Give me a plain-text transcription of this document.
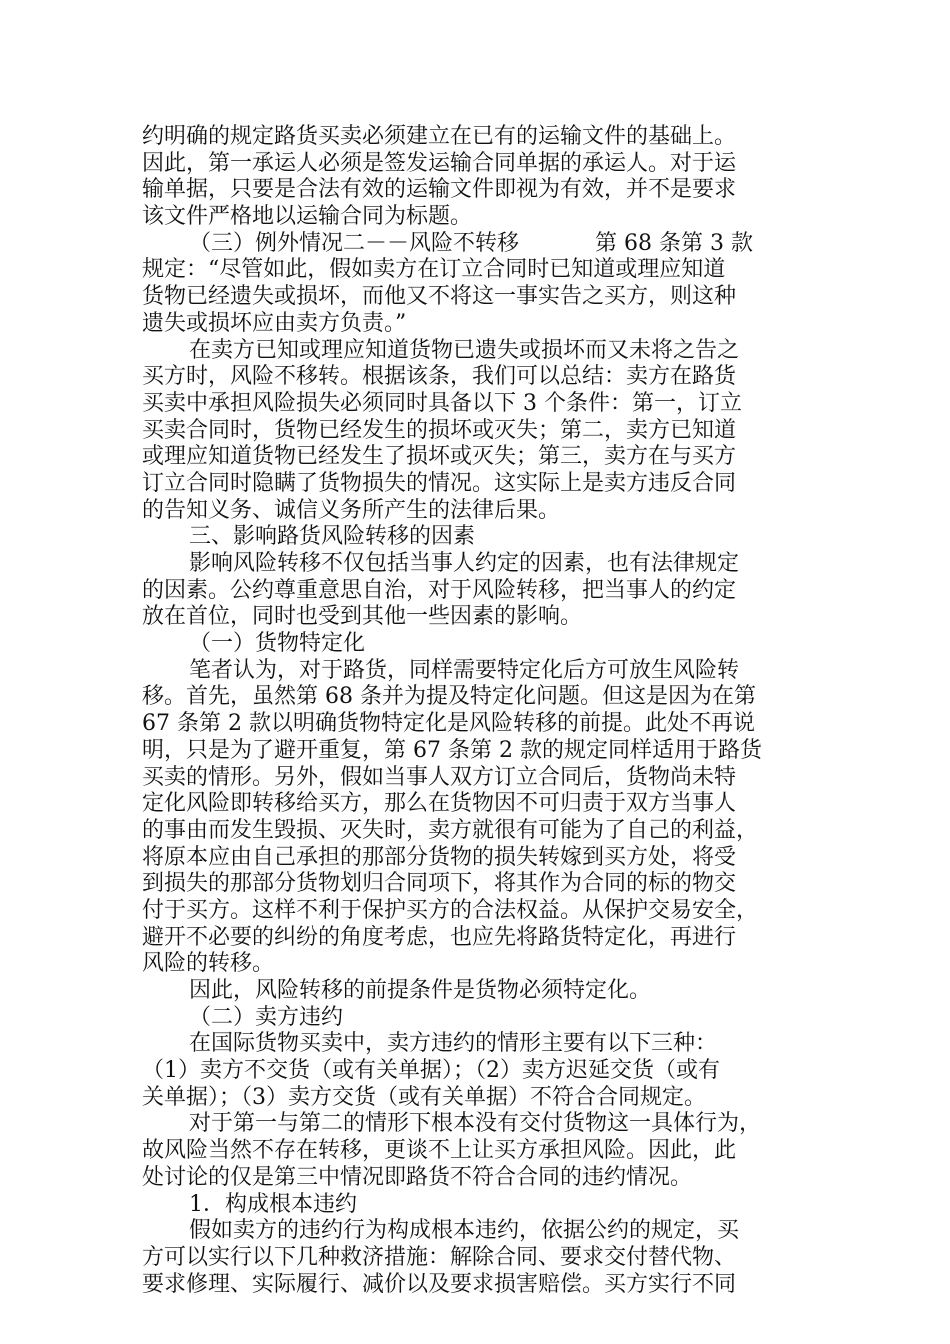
约明确的规定路货买卖必须建立在已有的运输文件的基础上。
因此，第一承运人必须是签发运输合同单据的承运人。对于运
输单据，只要是合法有效的运输文件即视为有效，并不是要求
该文件严格地以运输合同为标题。
（三）例外情况二－－风险不转移	第 68 条第 3 款
规定：“尽管如此，假如卖方在订立合同时已知道或理应知道
货物已经遗失或损坏，而他又不将这一事实告之买方，则这种
遗失或损坏应由卖方负责。”
在卖方已知或理应知道货物已遗失或损坏而又未将之告之
买方时，风险不移转。根据该条，我们可以总结：卖方在路货
买卖中承担风险损失必须同时具备以下 3 个条件：第一，订立
买卖合同时，货物已经发生的损坏或灭失；第二，卖方已知道
或理应知道货物已经发生了损坏或灭失；第三，卖方在与买方
订立合同时隐瞒了货物损失的情况。这实际上是卖方违反合同
的告知义务、诚信义务所产生的法律后果。
三、影响路货风险转移的因素
影响风险转移不仅包括当事人约定的因素，也有法律规定
的因素。公约尊重意思自治，对于风险转移，把当事人的约定
放在首位，同时也受到其他一些因素的影响。
（一）货物特定化
笔者认为，对于路货，同样需要特定化后方可放生风险转
移。首先，虽然第 68 条并为提及特定化问题。但这是因为在第
67 条第 2 款以明确货物特定化是风险转移的前提。此处不再说
明，只是为了避开重复，第 67 条第 2 款的规定同样适用于路货
买卖的情形。另外，假如当事人双方订立合同后，货物尚未特
定化风险即转移给买方，那么在货物因不可归责于双方当事人
的事由而发生毁损、灭失时，卖方就很有可能为了自己的利益，
将原本应由自己承担的那部分货物的损失转嫁到买方处，将受
到损失的那部分货物划归合同项下，将其作为合同的标的物交
付于买方。这样不利于保护买方的合法权益。从保护交易安全，
避开不必要的纠纷的角度考虑，也应先将路货特定化，再进行
风险的转移。
因此，风险转移的前提条件是货物必须特定化。
（二）卖方违约
在国际货物买卖中，卖方违约的情形主要有以下三种：
（1）卖方不交货（或有关单据）；（2）卖方迟延交货（或有
关单据）；（3）卖方交货（或有关单据）不符合合同规定。
对于第一与第二的情形下根本没有交付货物这一具体行为，
故风险当然不存在转移，更谈不上让买方承担风险。因此，此
处讨论的仅是第三中情况即路货不符合合同的违约情况。
1．构成根本违约
假如卖方的违约行为构成根本违约，依据公约的规定，买
方可以实行以下几种救济措施：解除合同、要求交付替代物、
要求修理、实际履行、减价以及要求损害赔偿。买方实行不同
